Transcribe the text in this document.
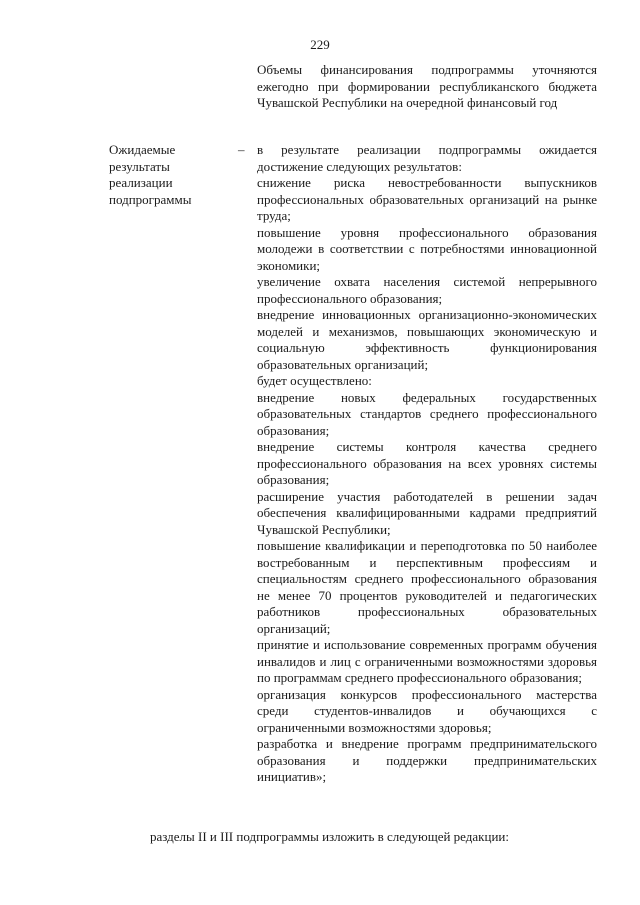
229
Объемы финансирования подпрограммы уточняются ежегодно при формировании республиканского бюджета Чувашской Республики на очередной финансовый год
Ожидаемые результаты реализации подпрограммы
– в результате реализации подпрограммы ожидается достижение следующих результатов:

снижение риска невостребованности выпускников профессиональных образовательных организаций на рынке труда;

повышение уровня профессионального образования молодежи в соответствии с потребностями инновационной экономики;

увеличение охвата населения системой непрерывного профессионального образования;

внедрение инновационных организационно-экономических моделей и механизмов, повышающих экономическую и социальную эффективность функционирования образовательных организаций;

будет осуществлено:

внедрение новых федеральных государственных образовательных стандартов среднего профессионального образования;

внедрение системы контроля качества среднего профессионального образования на всех уровнях системы образования;

расширение участия работодателей в решении задач обеспечения квалифицированными кадрами предприятий Чувашской Республики;

повышение квалификации и переподготовка по 50 наиболее востребованным и перспективным профессиям и специальностям среднего профессионального образования не менее 70 процентов руководителей и педагогических работников профессиональных образовательных организаций;

принятие и использование современных программ обучения инвалидов и лиц с ограниченными возможностями здоровья по программам среднего профессионального образования;

организация конкурсов профессионального мастерства среди студентов-инвалидов и обучающихся с ограниченными возможностями здоровья;

разработка и внедрение программ предпринимательского образования и поддержки предпринимательских инициатив»;

разделы II и III подпрограммы изложить в следующей редакции:
